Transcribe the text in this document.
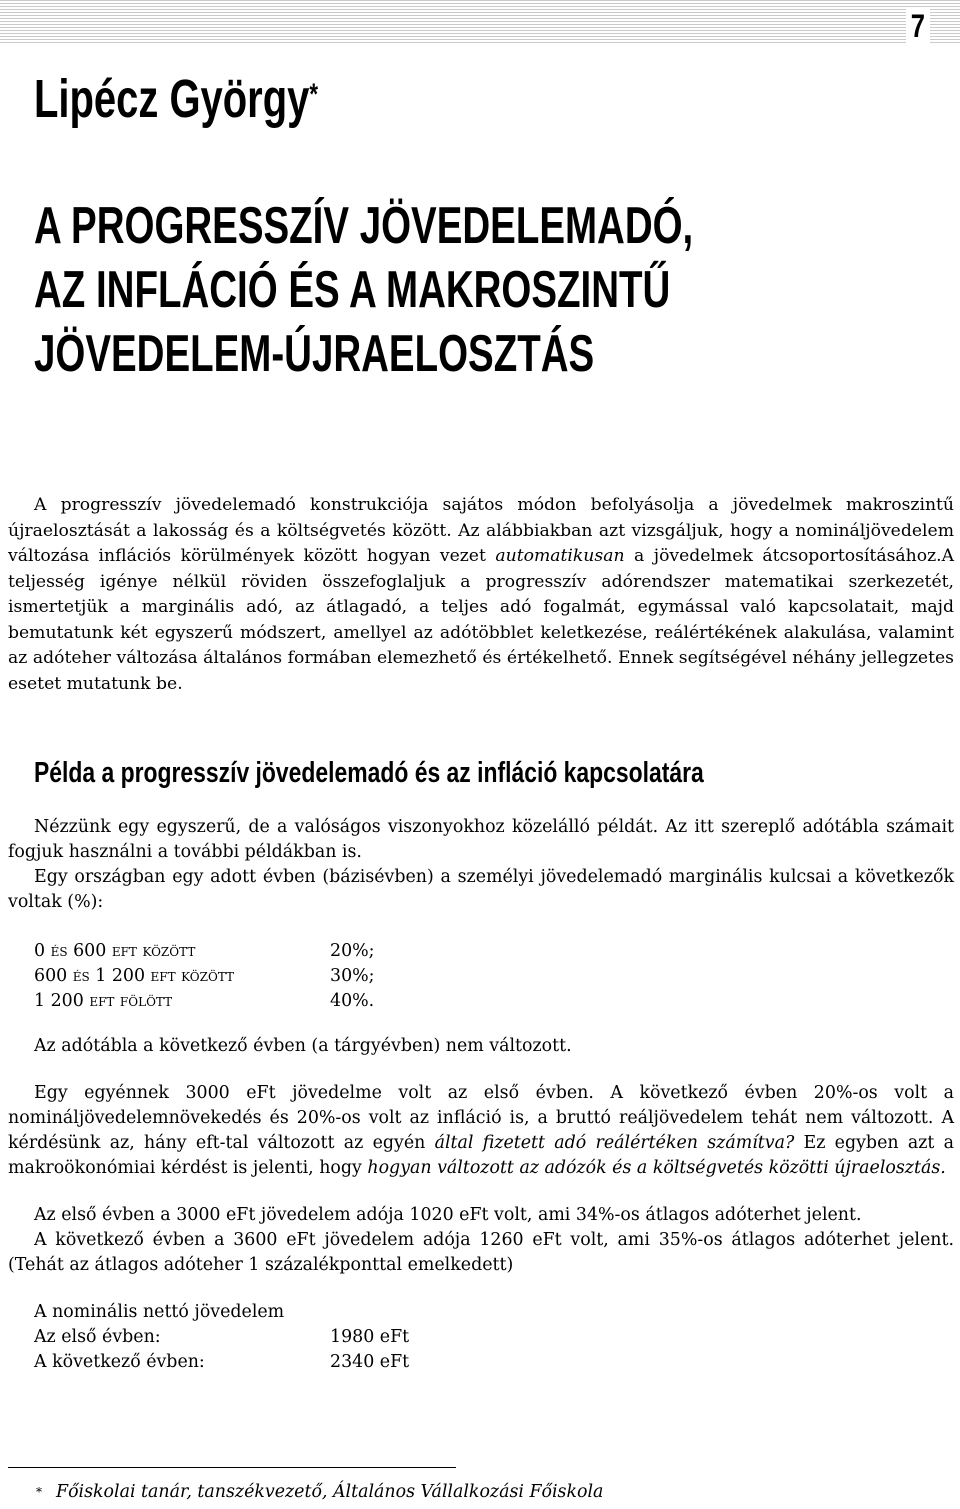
7
Lipécz György*
A PROGRESSZÍV JÖVEDELEMADÓ,
AZ INFLÁCIÓ ÉS A MAKROSZINTŰ
JÖVEDELEM-ÚJRAELOSZTÁS

A progresszív jövedelemadó konstrukciója sajátos módon befolyásolja a jövedelmek makroszintű újraelosztását a lakosság és a költségvetés között. Az alábbiakban azt vizsgáljuk, hogy a nomináljövedelem változása inflációs körülmények között hogyan vezet automatikusan a jövedelmek átcsoportosításához.A teljesség igénye nélkül röviden összefoglaljuk a progresszív adórendszer matematikai szerkezetét, ismertetjük a marginális adó, az átlagadó, a teljes adó fogalmát, egymással való kapcsolatait, majd bemutatunk két egyszerű módszert, amellyel az adótöbblet keletkezése, reálértékének alakulása, valamint az adóteher változása általános formában elemezhető és értékelhető. Ennek segítségével néhány jellegzetes esetet mutatunk be.

Példa a progresszív jövedelemadó és az infláció kapcsolatára

Nézzünk egy egyszerű, de a valóságos viszonyokhoz közelálló példát. Az itt szereplő adótábla számait fogjuk használni a további példákban is.

Egy országban egy adott évben (bázisévben) a személyi jövedelemadó marginális kulcsai a következők voltak (%):

0 és 600 eft között	20%;
600 és 1 200 eft között	30%;
1 200 eft fölött	40%.

Az adótábla a következő évben (a tárgyévben) nem változott.

Egy egyénnek 3000 eFt jövedelme volt az első évben. A következő évben 20%-os volt a nomináljövedelemnövekedés és 20%-os volt az infláció is, a bruttó reáljövedelem tehát nem változott. A kérdésünk az, hány eft-tal változott az egyén által fizetett adó reálértéken számítva? Ez egyben azt a makroökonómiai kérdést is jelenti, hogy hogyan változott az adózók és a költségvetés közötti újraelosztás.

Az első évben a 3000 eFt jövedelem adója 1020 eFt volt, ami 34%-os átlagos adóterhet jelent.

A következő évben a 3600 eFt jövedelem adója 1260 eFt volt, ami 35%-os átlagos adóterhet jelent. (Tehát az átlagos adóteher 1 százalékponttal emelkedett)

A nominális nettó jövedelem	
Az első évben:	1980 eFt
A következő évben:	2340 eFt

* Főiskolai tanár, tanszékvezető, Általános Vállalkozási Főiskola
